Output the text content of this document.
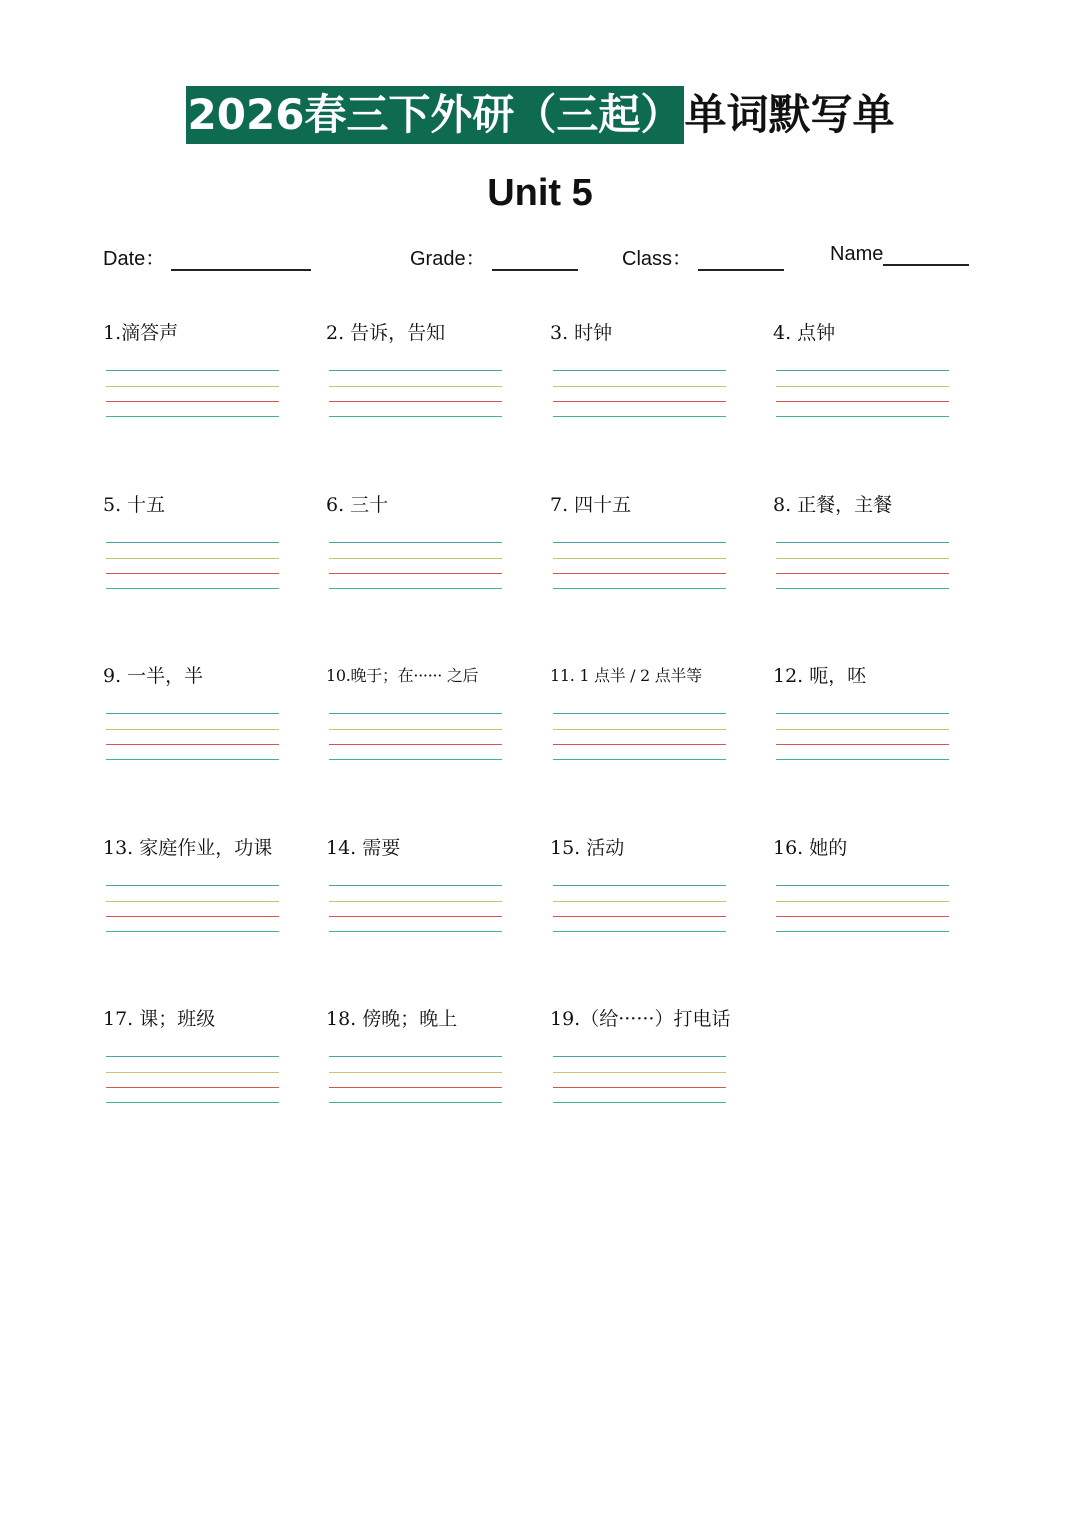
2026春三下外研（三起）单词默写单
Unit 5
Date：	Grade：	Class：	Name
1.滴答声	2. 告诉，告知	3. 时钟	4. 点钟
5. 十五	6. 三十	7. 四十五	8. 正餐，主餐
9. 一半，半	10.晚于；在······ 之后	11. 1 点半 / 2 点半等	12. 呃，呸
13. 家庭作业，功课	14. 需要	15. 活动	16. 她的
17. 课；班级	18. 傍晚；晚上	19.（给······）打电话
